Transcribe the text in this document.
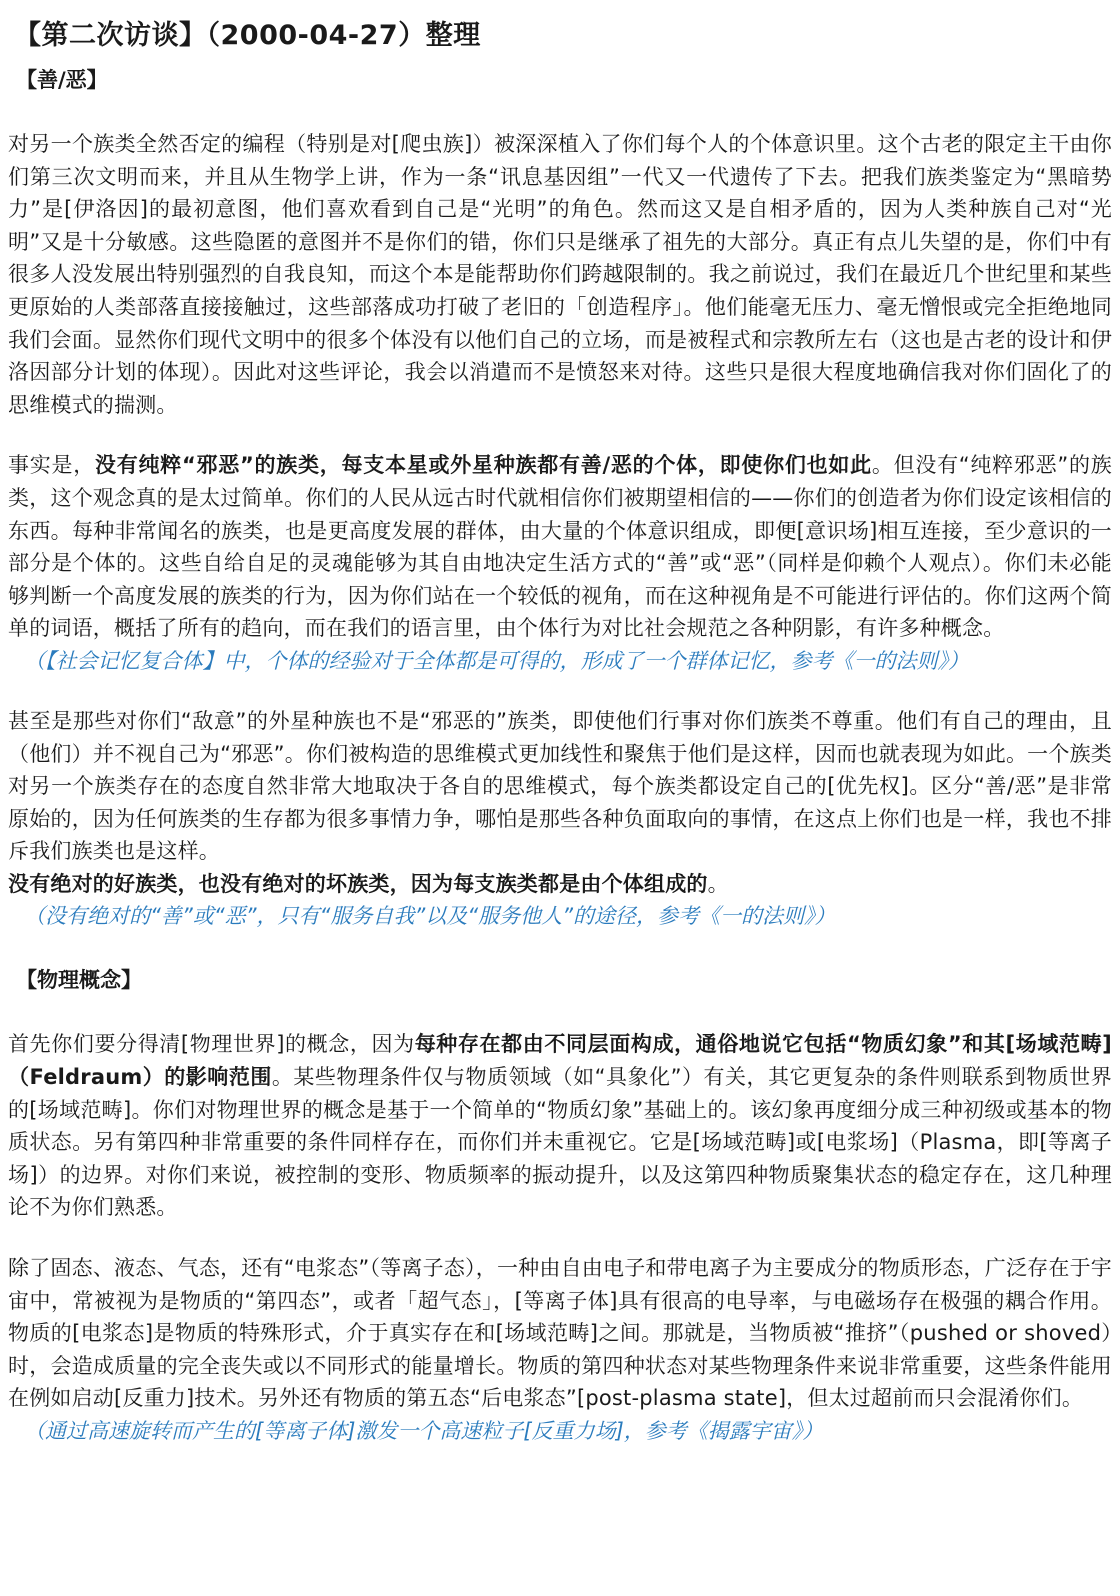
【第二次访谈】（2000-04-27）整理
【善/恶】

对另一个族类全然否定的编程（特别是对[爬虫族]）被深深植入了你们每个人的个体意识里。这个古老的限定主干由你们第三次文明而来，并且从生物学上讲，作为一条“讯息基因组”一代又一代遗传了下去。把我们族类鉴定为“黑暗势力”是[伊洛因]的最初意图，他们喜欢看到自己是“光明”的角色。然而这又是自相矛盾的，因为人类种族自己对“光明”又是十分敏感。这些隐匿的意图并不是你们的错，你们只是继承了祖先的大部分。真正有点儿失望的是，你们中有很多人没发展出特别强烈的自我良知，而这个本是能帮助你们跨越限制的。我之前说过，我们在最近几个世纪里和某些更原始的人类部落直接接触过，这些部落成功打破了老旧的「创造程序」。他们能毫无压力、毫无憎恨或完全拒绝地同我们会面。显然你们现代文明中的很多个体没有以他们自己的立场，而是被程式和宗教所左右（这也是古老的设计和伊洛因部分计划的体现）。因此对这些评论，我会以消遣而不是愤怒来对待。这些只是很大程度地确信我对你们固化了的思维模式的揣测。

事实是，没有纯粹“邪恶”的族类，每支本星或外星种族都有善/恶的个体，即使你们也如此。但没有“纯粹邪恶”的族类，这个观念真的是太过简单。你们的人民从远古时代就相信你们被期望相信的——你们的创造者为你们设定该相信的东西。每种非常闻名的族类，也是更高度发展的群体，由大量的个体意识组成，即便[意识场]相互连接，至少意识的一部分是个体的。这些自给自足的灵魂能够为其自由地决定生活方式的“善”或“恶”（同样是仰赖个人观点）。你们未必能够判断一个高度发展的族类的行为，因为你们站在一个较低的视角，而在这种视角是不可能进行评估的。你们这两个简单的词语，概括了所有的趋向，而在我们的语言里，由个体行为对比社会规范之各种阴影，有许多种概念。

（【社会记忆复合体】中，个体的经验对于全体都是可得的，形成了一个群体记忆，参考《一的法则》）

甚至是那些对你们“敌意”的外星种族也不是“邪恶的”族类，即使他们行事对你们族类不尊重。他们有自己的理由，且（他们）并不视自己为“邪恶”。你们被构造的思维模式更加线性和聚焦于他们是这样，因而也就表现为如此。一个族类对另一个族类存在的态度自然非常大地取决于各自的思维模式，每个族类都设定自己的[优先权]。区分“善/恶”是非常原始的，因为任何族类的生存都为很多事情力争，哪怕是那些各种负面取向的事情，在这点上你们也是一样，我也不排斥我们族类也是这样。
没有绝对的好族类，也没有绝对的坏族类，因为每支族类都是由个体组成的。

（没有绝对的“善”或“恶”，只有“服务自我”以及“服务他人”的途径，参考《一的法则》）
【物理概念】

首先你们要分得清[物理世界]的概念，因为每种存在都由不同层面构成，通俗地说它包括“物质幻象”和其[场域范畴]（Feldraum）的影响范围。某些物理条件仅与物质领域（如“具象化”）有关，其它更复杂的条件则联系到物质世界的[场域范畴]。你们对物理世界的概念是基于一个简单的“物质幻象”基础上的。该幻象再度细分成三种初级或基本的物质状态。另有第四种非常重要的条件同样存在，而你们并未重视它。它是[场域范畴]或[电浆场]（Plasma，即[等离子场]）的边界。对你们来说，被控制的变形、物质频率的振动提升，以及这第四种物质聚集状态的稳定存在，这几种理论不为你们熟悉。

除了固态、液态、气态，还有“电浆态”（等离子态），一种由自由电子和带电离子为主要成分的物质形态，广泛存在于宇宙中，常被视为是物质的“第四态”，或者「超气态」，[等离子体]具有很高的电导率，与电磁场存在极强的耦合作用。物质的[电浆态]是物质的特殊形式，介于真实存在和[场域范畴]之间。那就是，当物质被“推挤”（pushed or shoved）时，会造成质量的完全丧失或以不同形式的能量增长。物质的第四种状态对某些物理条件来说非常重要，这些条件能用在例如启动[反重力]技术。另外还有物质的第五态“后电浆态”[post-plasma state]，但太过超前而只会混淆你们。

（通过高速旋转而产生的[等离子体]激发一个高速粒子[反重力场]，参考《揭露宇宙》）
